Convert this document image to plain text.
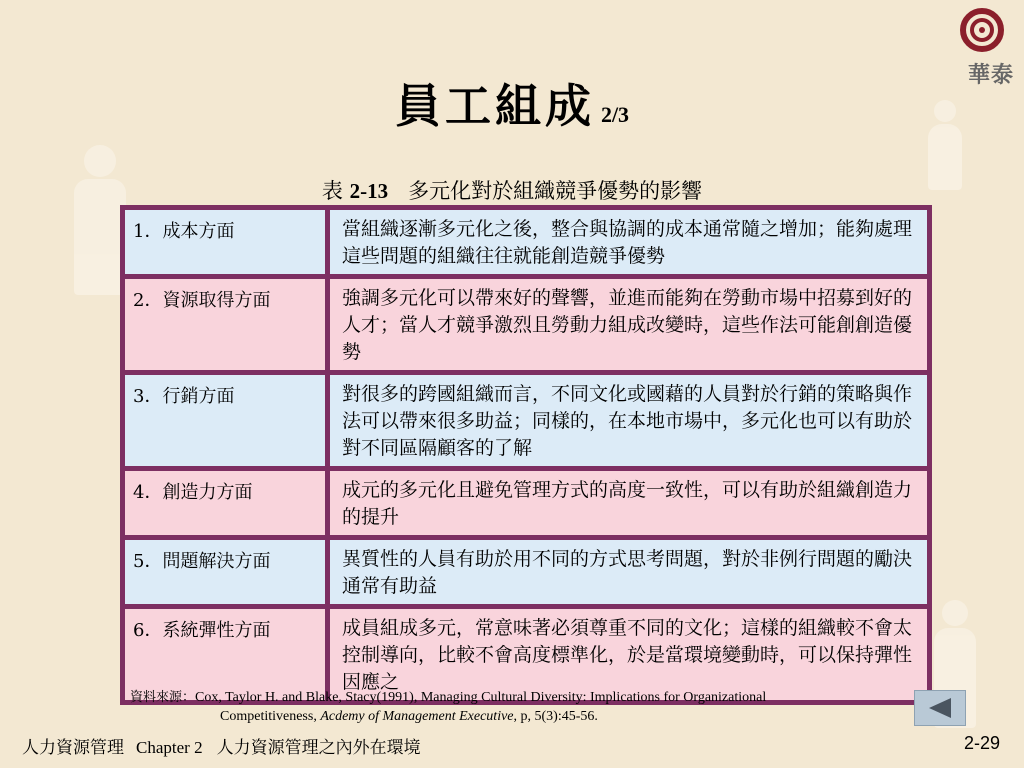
華泰
員工組成 2/3
表 2-13 多元化對於組織競爭優勢的影響
1．成本方面	當組織逐漸多元化之後，整合與協調的成本通常隨之增加；能夠處理這些問題的組織往往就能創造競爭優勢
2．資源取得方面	強調多元化可以帶來好的聲響，並進而能夠在勞動市場中招募到好的人才；當人才競爭激烈且勞動力組成改變時，這些作法可能創創造優勢
3．行銷方面	對很多的跨國組織而言，不同文化或國藉的人員對於行銷的策略與作法可以帶來很多助益；同樣的，在本地市場中，多元化也可以有助於對不同區隔顧客的了解
4．創造力方面	成元的多元化且避免管理方式的高度一致性，可以有助於組織創造力的提升
5．問題解決方面	異質性的人員有助於用不同的方式思考問題，對於非例行問題的勵決通常有助益
6．系統彈性方面	成員組成多元，常意味著必須尊重不同的文化；這樣的組織較不會太控制導向，比較不會高度標準化，於是當環境變動時，可以保持彈性因應之
資料來源：Cox, Taylor H. and Blake, Stacy(1991), Managing Cultural Diversity: Implications for Organizational
Competitiveness, Acdemy of Management Executive, p, 5(3):45-56.
人力資源管理 Chapter 2 人力資源管理之內外在環境	2-29
